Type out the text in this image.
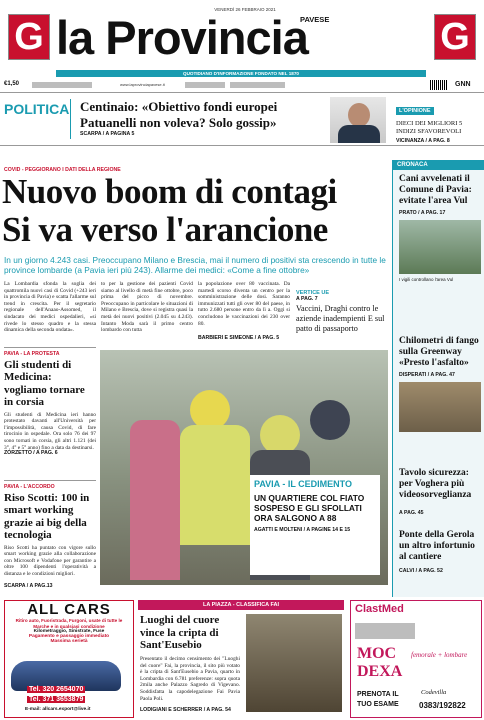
G	G
VENERDÌ 26 FEBBRAIO 2021
PAVESE
la Provincia
QUOTIDIANO D'INFORMAZIONE FONDATO NEL 1870
€1,50	www.laprovinciapavese.it	GNN
POLITICA Centinaio: «Obiettivo fondi europei
Patuanelli non voleva? Solo gossip»
SCARPA / A PAGINA 5
L'OPINIONE
DIECI DEI MIGLIORI 5 INDIZI SFAVOREVOLI
VICINANZA / A PAG. 8
COVID - PEGGIORANO I DATI DELLA REGIONE
Nuovo boom di contagi
Si va verso l'arancione
In un giorno 4.243 casi. Preoccupano Milano e Brescia, mai il numero di positivi sta crescendo in tutte le province lombarde (a Pavia ieri più 243). Allarme dei medici: «Come a fine ottobre»
La Lombardia sfonda la soglia dei quattromila nuovi casi di Covid (+243 ieri in provincia di Pavia) e scatta l'allarme sul trend in crescita. Per il segretario regionale dell'Anaao-Assomed, il sindacato dei medici ospedalieri, «si rivede lo stesso quadro e la stessa dinamica della seconda ondata».
to per la gestione dei pazienti Covid siamo al livello di metà fine ottobre, poco prima del picco di novembre. Preoccupano in particolare le situazioni di Milano e Brescia, dove si registra quasi la metà dei nuovi positivi (2.045 su 4.243). Intanto Moda sarà il primo centro lombardo con tutta
la popolazione over 80 vaccinata. Da martedì scorso diventa un centro per la somministrazione delle dosi. Saranno immunizzati tutti gli over 80 del paese, in tutto 2.680 persone entro da lì a. Oggi si concludono le vaccinazioni dei 230 over 80.
BARBIERI E SIMEONE / A PAG. 5
VERTICE UE
A PAG. 7
Vaccini, Draghi contro le aziende inadempienti E sul patto di passaporto
CRONACA
Cani avvelenati il Comune di Pavia: evitate l'area Vul
PRATO / A PAG. 17
I vigili controllano l'area Vul
Chilometri di fango sulla Greenway «Presto l'asfalto»
DISPERATI / A PAG. 47
Tavolo sicurezza: per Voghera più videosorveglianza
A PAG. 45
Ponte della Gerola un altro infortunio al cantiere
CALVI / A PAG. 52
PAVIA - LA PROTESTA
Gli studenti di Medicina: vogliamo tornare in corsia
Gli studenti di Medicina ieri hanno protestato davanti all'Università per l'impossibilità, causa Covid, di fare tirocinio in ospedale. Ora solo 76 dei 97 sono tornati in corsia, gli altri 1.121 (dei 3°, 4° e 5° anno) fino a data da destinarsi.
ZORZETTO / A PAG. 6
PAVIA - L'ACCORDO
Riso Scotti: 100 in smart working grazie ai big della tecnologia
Riso Scotti ha puntato con vigore sullo smart working grazie alla collaborazione con Microsoft e Vodafone per garantire a oltre 100 dipendenti l'operatività a distanza e le condizioni migliori.
SCARPA / A PAG.13
PAVIA - IL CEDIMENTO
UN QUARTIERE COL FIATO SOSPESO E GLI SFOLLATI ORA SALGONO A 88
AGATTI E MOLTENI / A PAGINE 14 E 15
ALL CARS
Ritiro auto, Fuoristrada, Furgoni, usate di tutte le Marche e in qualsiasi condizione
Kilometraggio, Sinistrate, Fuse
Pagamento e passaggio immediato
Massima serietà
Tel. 320 2654070
Tel. 371 3653879
E-mail: allcars.export@live.it
LA PIAZZA - CLASSIFICA FAI
Luoghi del cuore vince la cripta di Sant'Eusebio
Presentato il decimo censimento dei "Luoghi del cuore" Fai, la provincia, il sito più votato è la cripta di Sant'Eusebio a Pavia, quarto in Lombardia con 6.781 preferenze: sopra quota 2mila anche Palazzo Sagredo di Vigevano. Soddisfatta la capodelegazione Fai Pavia Paola Poli.
LODIGIANI E SCHERRER / A PAG. 54
ClastMed
MOC
DEXA
femorale + lombare
PRENOTA IL
TUO ESAME
Codevilla
0383/192822
